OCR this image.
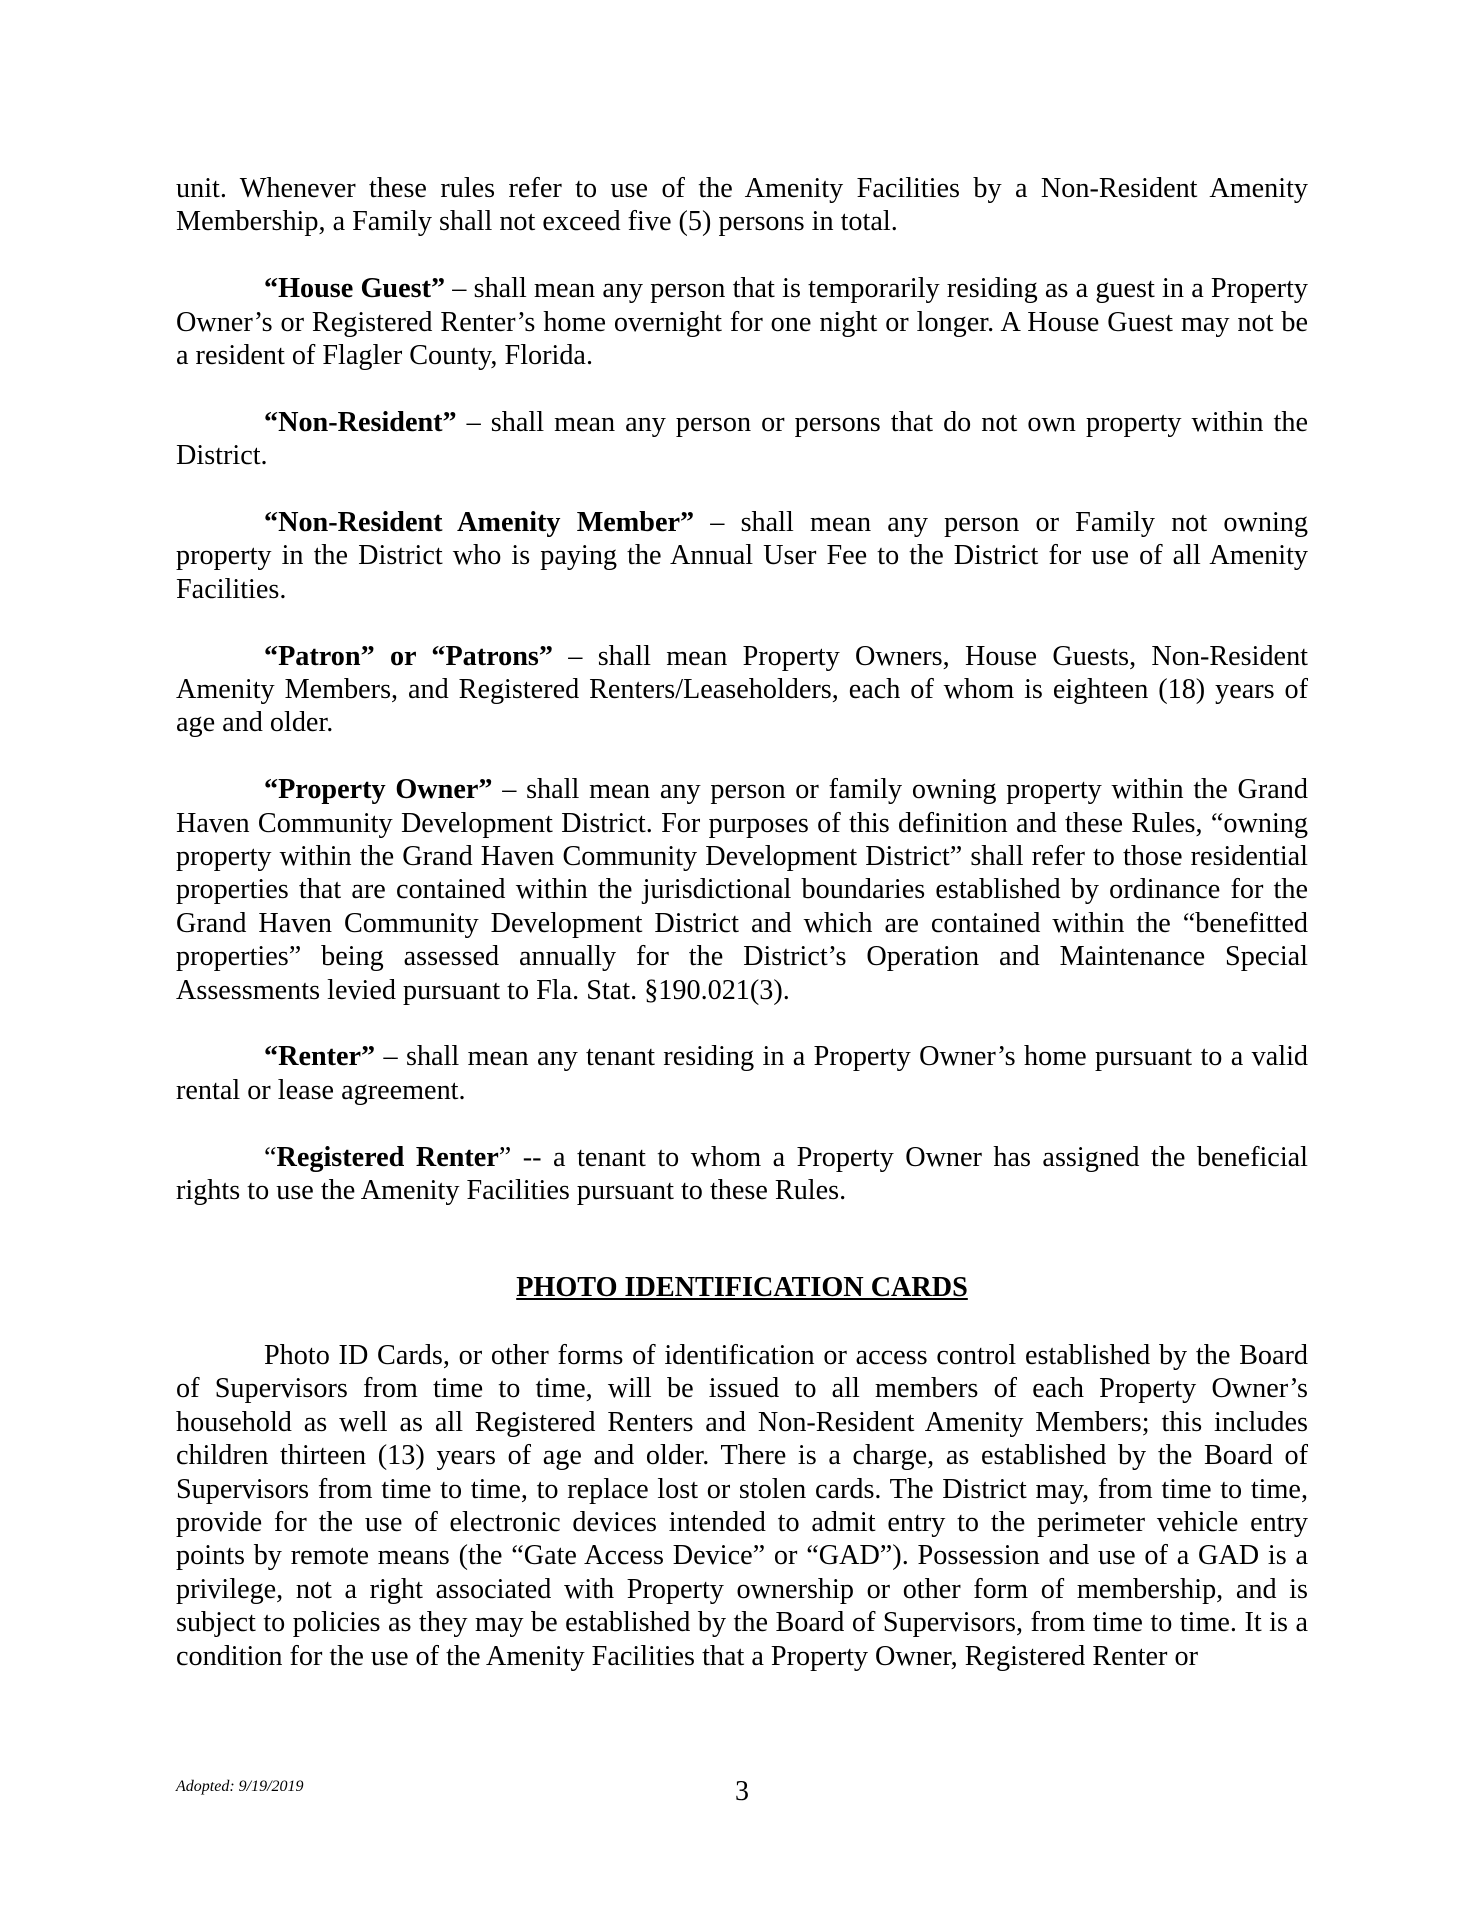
unit. Whenever these rules refer to use of the Amenity Facilities by a Non-Resident Amenity Membership, a Family shall not exceed five (5) persons in total.

“House Guest” – shall mean any person that is temporarily residing as a guest in a Property Owner’s or Registered Renter’s home overnight for one night or longer. A House Guest may not be a resident of Flagler County, Florida.

“Non-Resident” – shall mean any person or persons that do not own property within the District.

“Non-Resident Amenity Member” – shall mean any person or Family not owning property in the District who is paying the Annual User Fee to the District for use of all Amenity Facilities.

“Patron” or “Patrons” – shall mean Property Owners, House Guests, Non-Resident Amenity Members, and Registered Renters/Leaseholders, each of whom is eighteen (18) years of age and older.

“Property Owner” – shall mean any person or family owning property within the Grand Haven Community Development District. For purposes of this definition and these Rules, “owning property within the Grand Haven Community Development District” shall refer to those residential properties that are contained within the jurisdictional boundaries established by ordinance for the Grand Haven Community Development District and which are contained within the “benefitted properties” being assessed annually for the District’s Operation and Maintenance Special Assessments levied pursuant to Fla. Stat. §190.021(3).

“Renter” – shall mean any tenant residing in a Property Owner’s home pursuant to a valid rental or lease agreement.

“Registered Renter” -- a tenant to whom a Property Owner has assigned the beneficial rights to use the Amenity Facilities pursuant to these Rules.

PHOTO IDENTIFICATION CARDS

Photo ID Cards, or other forms of identification or access control established by the Board of Supervisors from time to time, will be issued to all members of each Property Owner’s household as well as all Registered Renters and Non-Resident Amenity Members; this includes children thirteen (13) years of age and older. There is a charge, as established by the Board of Supervisors from time to time, to replace lost or stolen cards. The District may, from time to time, provide for the use of electronic devices intended to admit entry to the perimeter vehicle entry points by remote means (the “Gate Access Device” or “GAD”). Possession and use of a GAD is a privilege, not a right associated with Property ownership or other form of membership, and is subject to policies as they may be established by the Board of Supervisors, from time to time. It is a condition for the use of the Amenity Facilities that a Property Owner, Registered Renter or

Adopted: 9/19/2019	3
